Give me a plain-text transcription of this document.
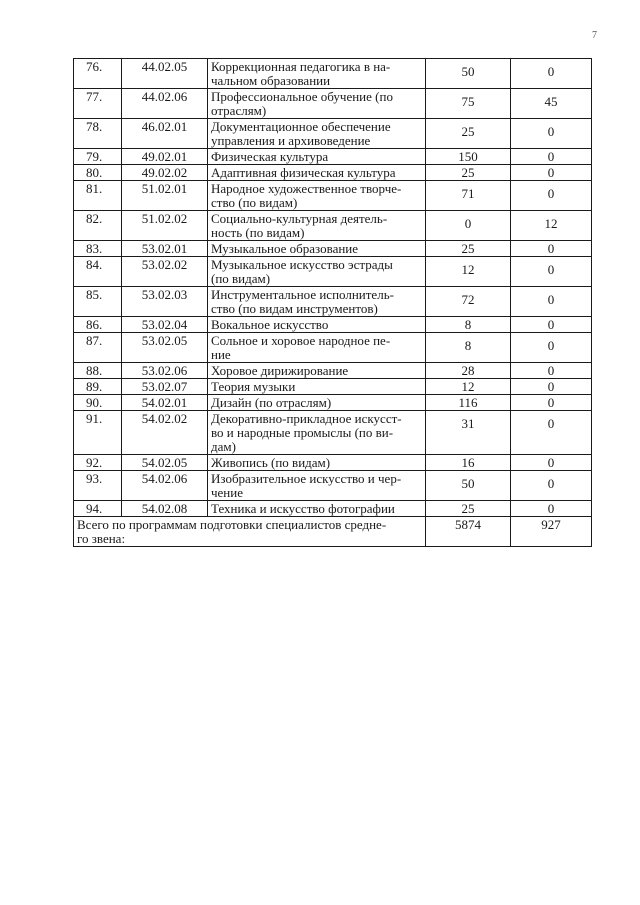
7
76.	44.02.05	Коррекционная педагогика в на-
чальном образовании	50	0
77.	44.02.06	Профессиональное обучение (по
отраслям)	75	45
78.	46.02.01	Документационное обеспечение
управления и архивоведение	25	0
79.	49.02.01	Физическая культура	150	0
80.	49.02.02	Адаптивная физическая культура	25	0
81.	51.02.01	Народное художественное творче-
ство (по видам)	71	0
82.	51.02.02	Социально-культурная деятель-
ность (по видам)	0	12
83.	53.02.01	Музыкальное образование	25	0
84.	53.02.02	Музыкальное искусство эстрады
(по видам)	12	0
85.	53.02.03	Инструментальное исполнитель-
ство (по видам инструментов)	72	0
86.	53.02.04	Вокальное искусство	8	0
87.	53.02.05	Сольное и хоровое народное пе-
ние	8	0
88.	53.02.06	Хоровое дирижирование	28	0
89.	53.02.07	Теория музыки	12	0
90.	54.02.01	Дизайн (по отраслям)	116	0
91.	54.02.02	Декоративно-прикладное искусст-
во и народные промыслы (по ви-
дам)	31	0
92.	54.02.05	Живопись (по видам)	16	0
93.	54.02.06	Изобразительное искусство и чер-
чение	50	0
94.	54.02.08	Техника и искусство фотографии	25	0
Всего по программам подготовки специалистов средне-
го звена:			5874	927
